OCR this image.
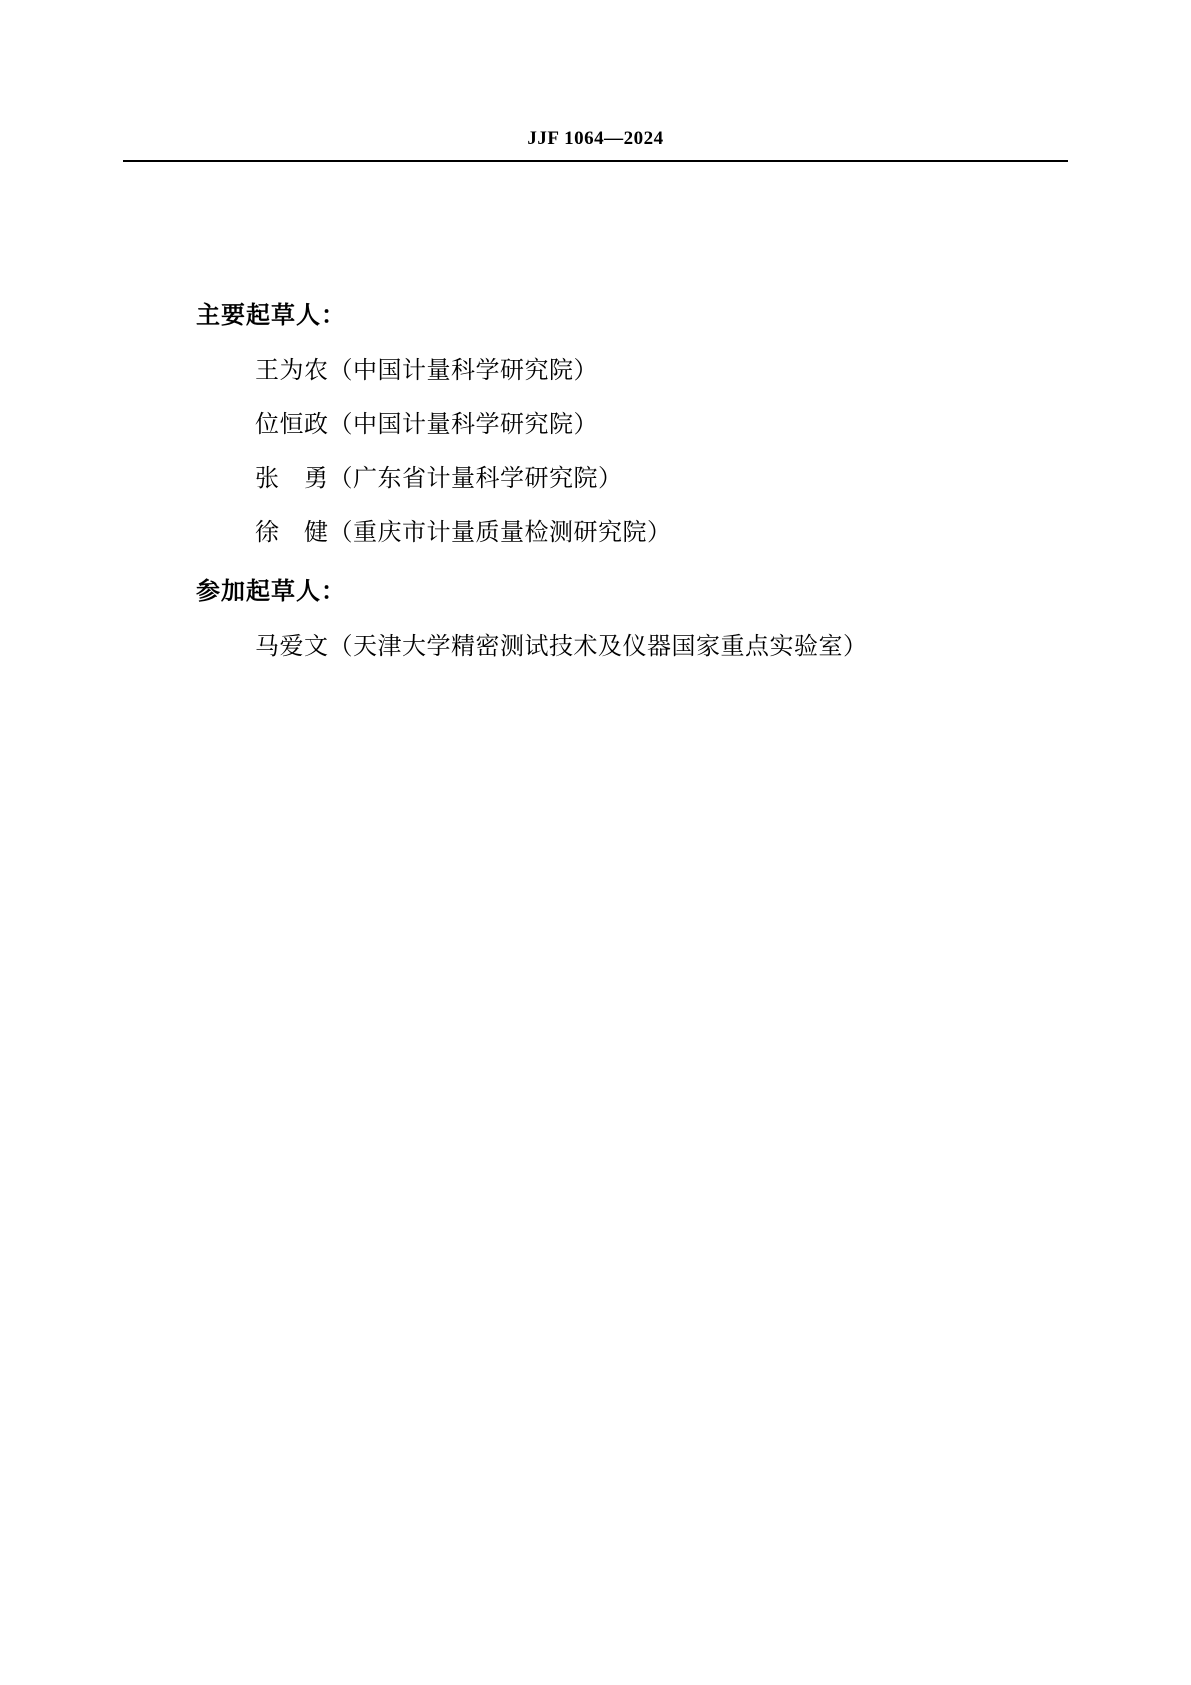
JJF 1064—2024
主要起草人：
王为农（中国计量科学研究院）
位恒政（中国计量科学研究院）
张　勇（广东省计量科学研究院）
徐　健（重庆市计量质量检测研究院）
参加起草人：
马爱文（天津大学精密测试技术及仪器国家重点实验室）
